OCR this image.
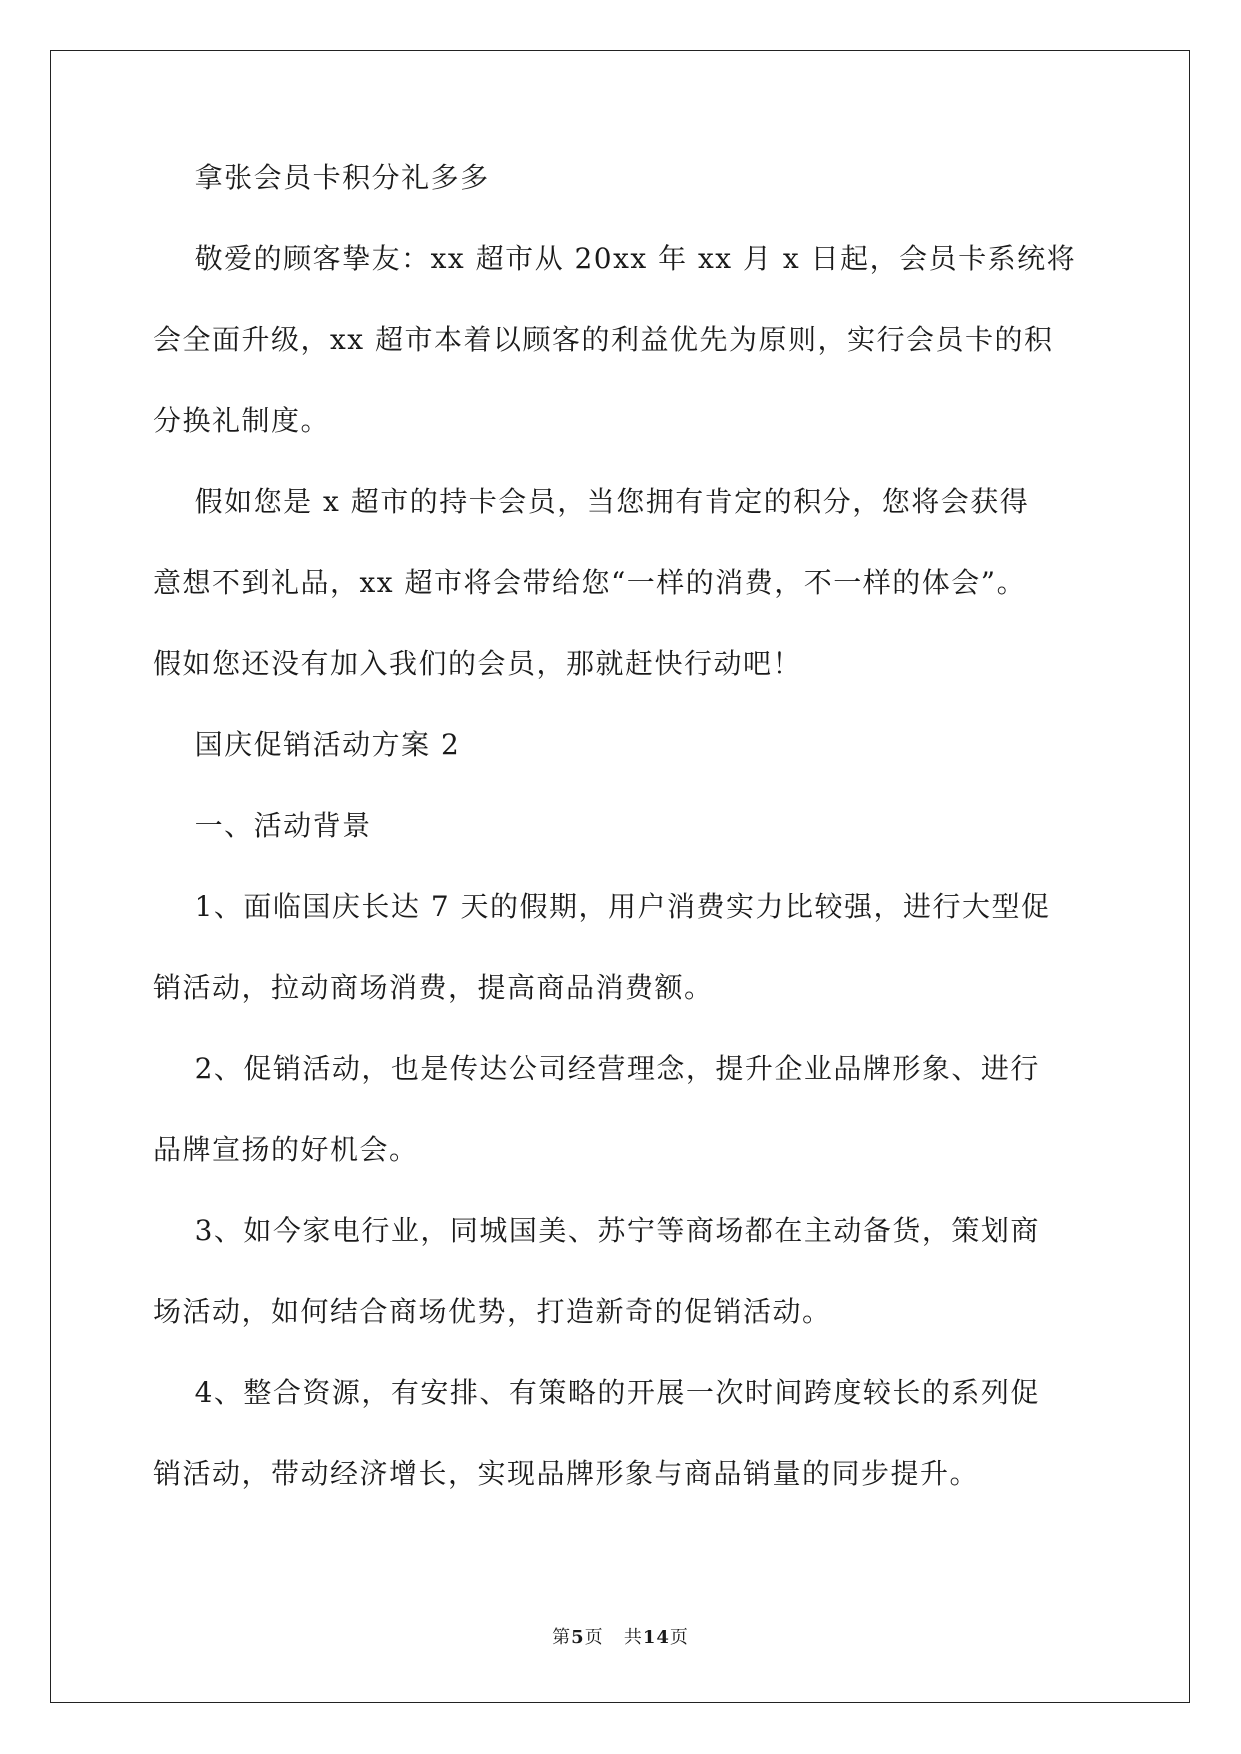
拿张会员卡积分礼多多
敬爱的顾客挚友：xx 超市从 20xx 年 xx 月 x 日起，会员卡系统将
会全面升级，xx 超市本着以顾客的利益优先为原则，实行会员卡的积
分换礼制度。
假如您是 x 超市的持卡会员，当您拥有肯定的积分，您将会获得
意想不到礼品，xx 超市将会带给您“一样的消费，不一样的体会”。
假如您还没有加入我们的会员，那就赶快行动吧！
国庆促销活动方案 2
一、活动背景
1、面临国庆长达 7 天的假期，用户消费实力比较强，进行大型促
销活动，拉动商场消费，提高商品消费额。
2、促销活动，也是传达公司经营理念，提升企业品牌形象、进行
品牌宣扬的好机会。
3、如今家电行业，同城国美、苏宁等商场都在主动备货，策划商
场活动，如何结合商场优势，打造新奇的促销活动。
4、整合资源，有安排、有策略的开展一次时间跨度较长的系列促
销活动，带动经济增长，实现品牌形象与商品销量的同步提升。
第5页 共14页
